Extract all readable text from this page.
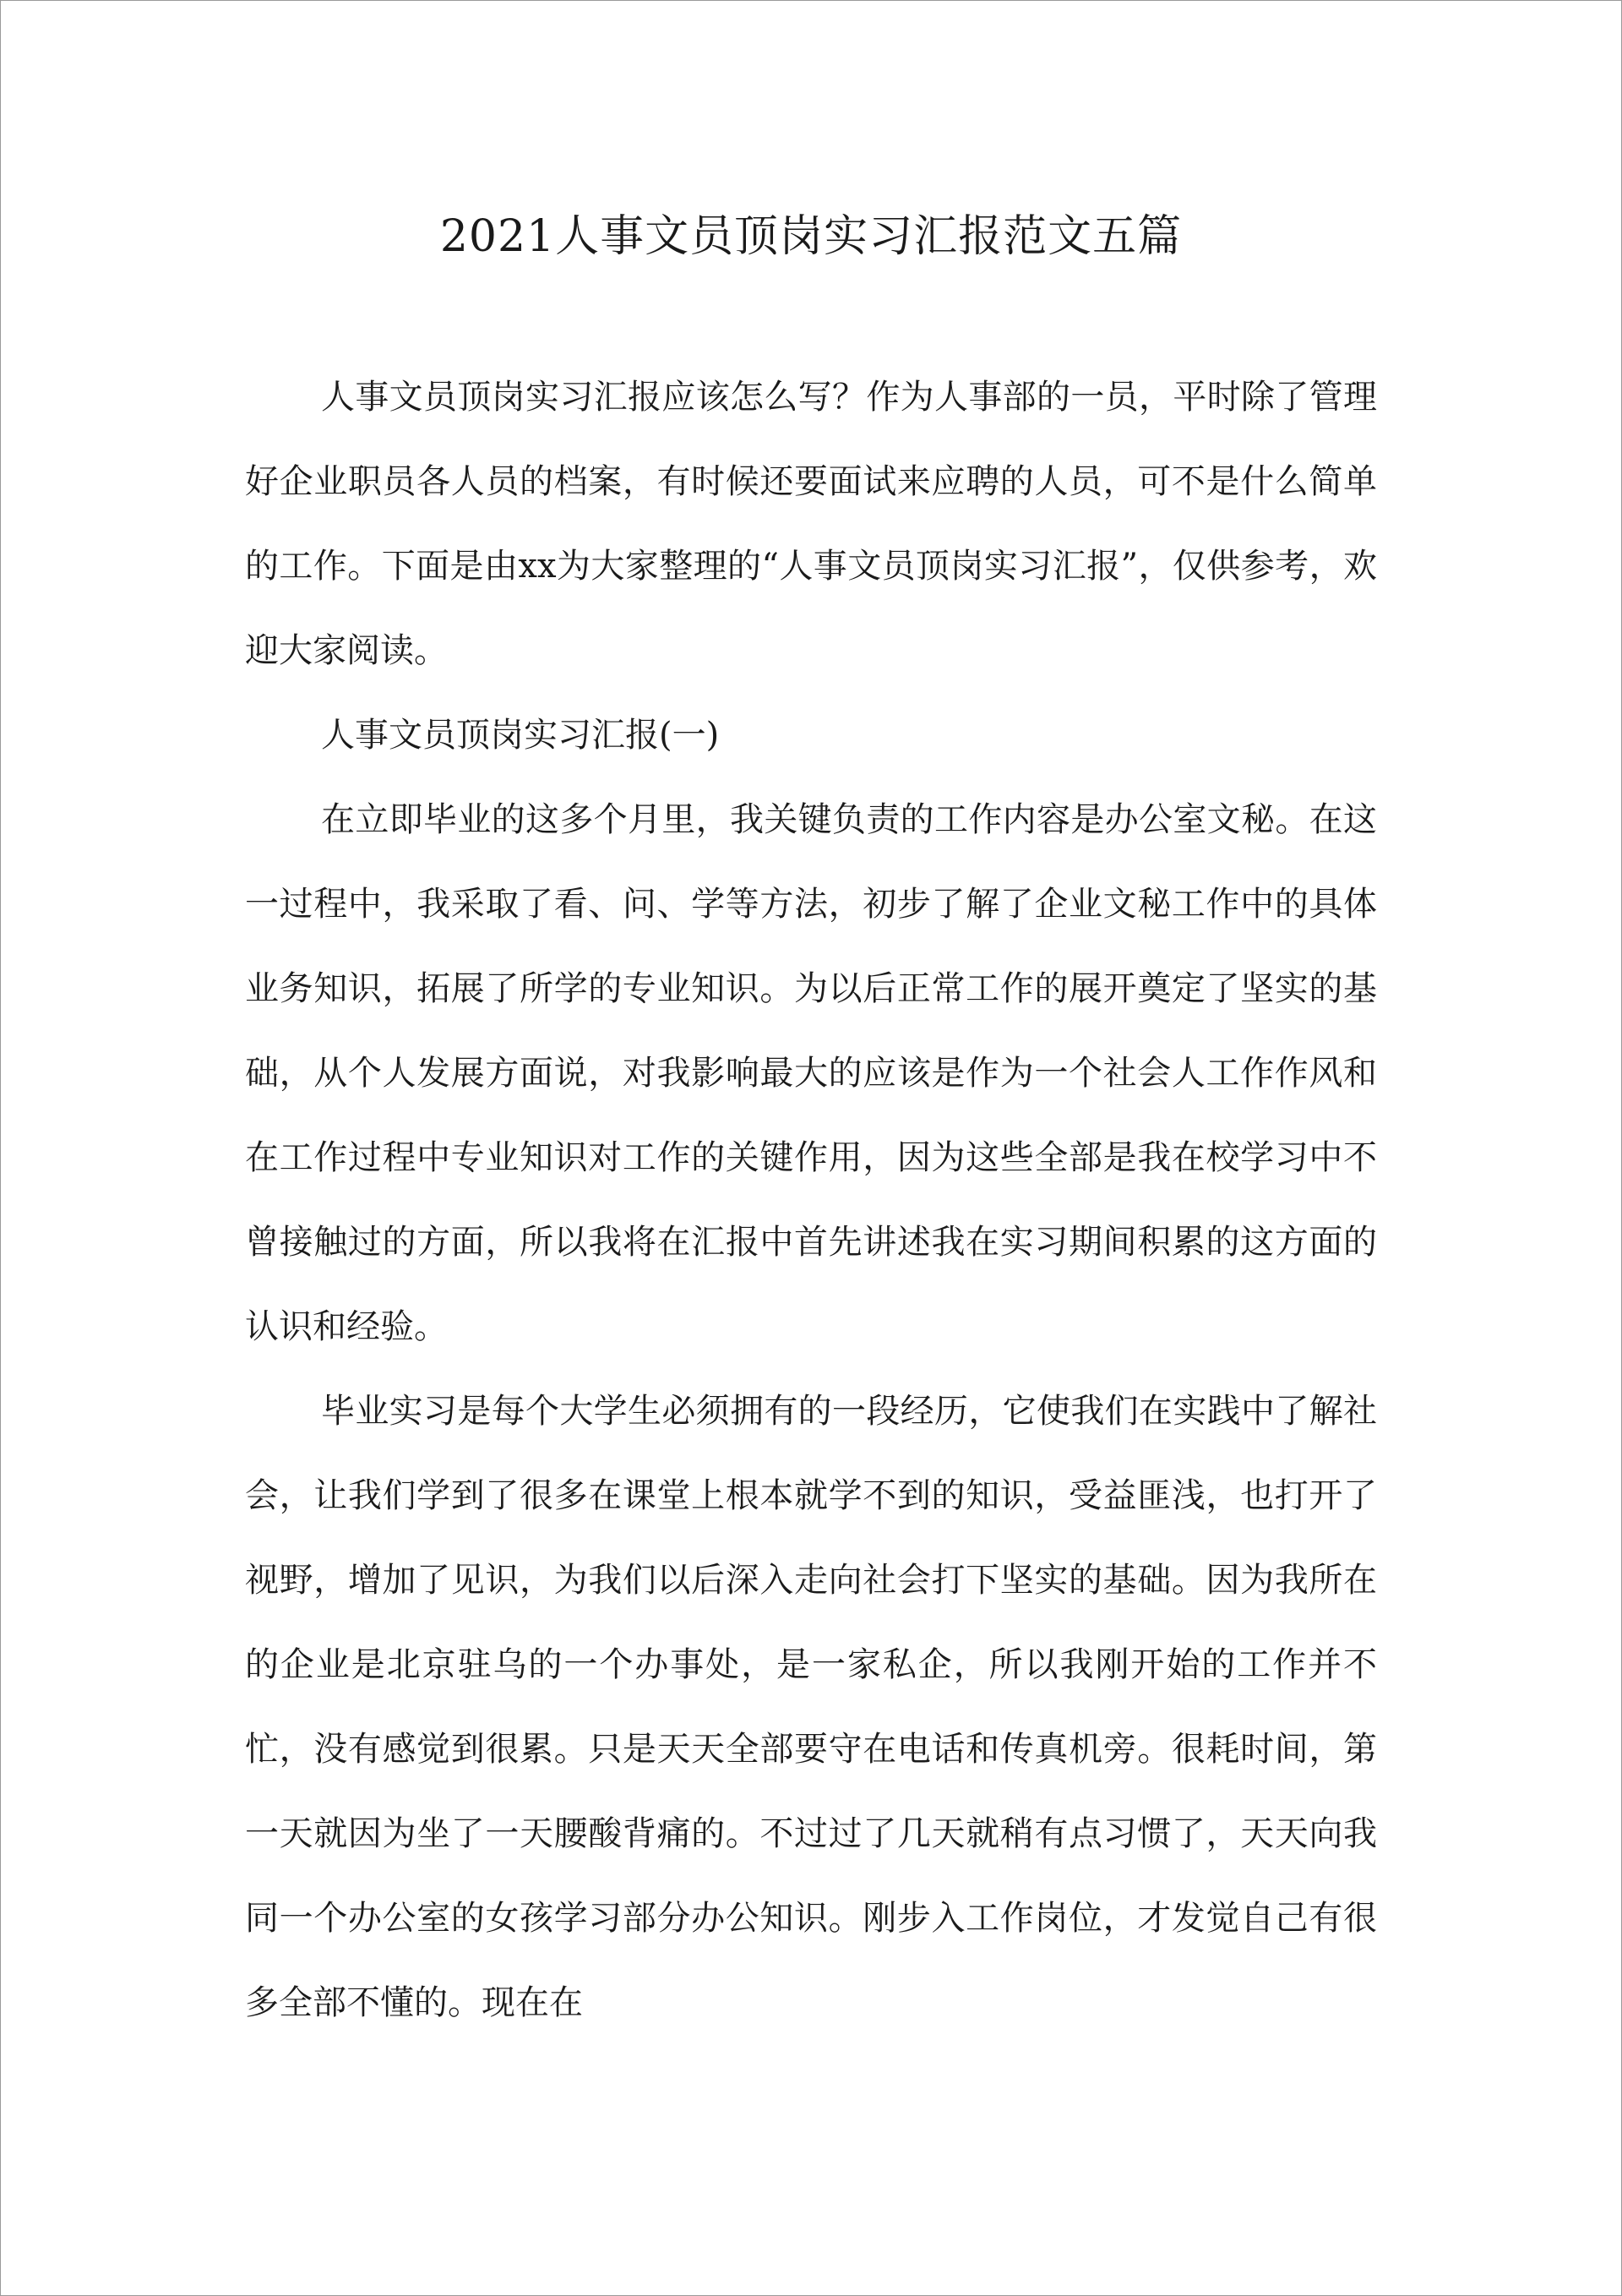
2021人事文员顶岗实习汇报范文五篇

人事文员顶岗实习汇报应该怎么写？作为人事部的一员，平时除了管理好企业职员各人员的档案，有时候还要面试来应聘的人员，可不是什么简单的工作。下面是由xx为大家整理的“人事文员顶岗实习汇报”，仅供参考，欢迎大家阅读。

人事文员顶岗实习汇报(一)

在立即毕业的这多个月里，我关键负责的工作内容是办公室文秘。在这一过程中，我采取了看、问、学等方法，初步了解了企业文秘工作中的具体业务知识，拓展了所学的专业知识。为以后正常工作的展开奠定了坚实的基础，从个人发展方面说，对我影响最大的应该是作为一个社会人工作作风和在工作过程中专业知识对工作的关键作用，因为这些全部是我在校学习中不曾接触过的方面，所以我将在汇报中首先讲述我在实习期间积累的这方面的认识和经验。

毕业实习是每个大学生必须拥有的一段经历，它使我们在实践中了解社会，让我们学到了很多在课堂上根本就学不到的知识，受益匪浅，也打开了视野，增加了见识，为我们以后深入走向社会打下坚实的基础。因为我所在的企业是北京驻乌的一个办事处，是一家私企，所以我刚开始的工作并不忙，没有感觉到很累。只是天天全部要守在电话和传真机旁。很耗时间，第一天就因为坐了一天腰酸背痛的。不过过了几天就稍有点习惯了，天天向我同一个办公室的女孩学习部分办公知识。刚步入工作岗位，才发觉自己有很多全部不懂的。现在在
